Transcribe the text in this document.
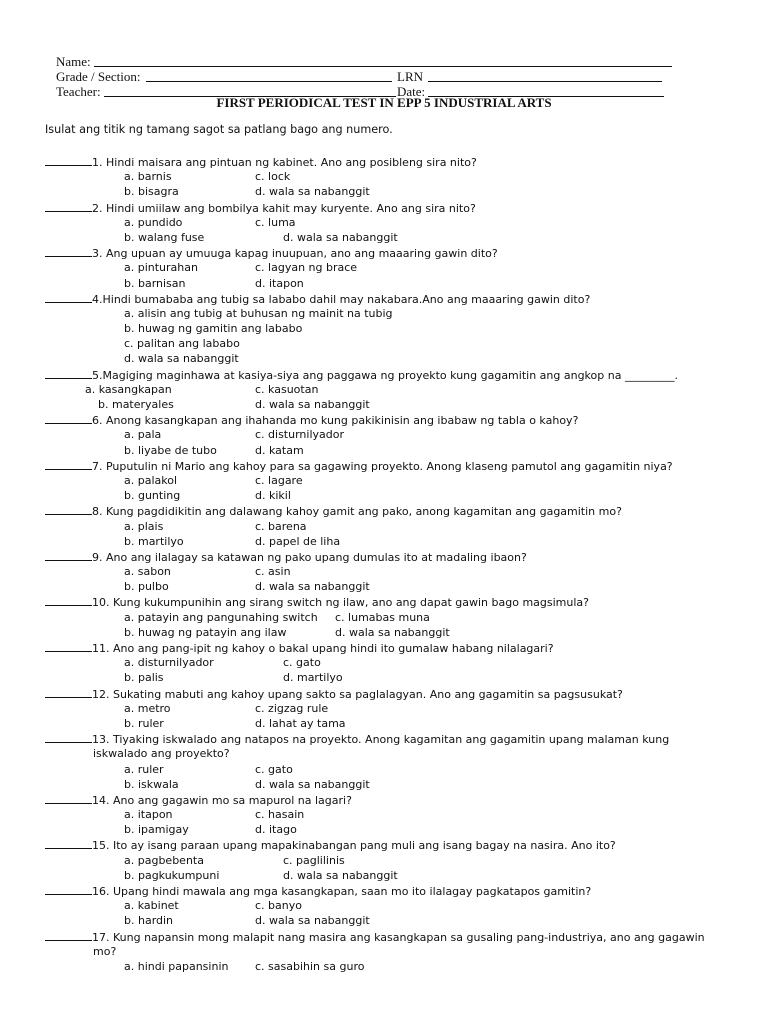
Name:
Grade / Section:	LRN
Teacher:	Date:
FIRST PERIODICAL TEST IN EPP 5 INDUSTRIAL ARTS
Isulat ang titik ng tamang sagot sa patlang bago ang numero.
1. Hindi maisara ang pintuan ng kabinet. Ano ang posibleng sira nito?
a. barnis	c. lock
b. bisagra	d. wala sa nabanggit
2. Hindi umiilaw ang bombilya kahit may kuryente. Ano ang sira nito?
a. pundido	c. luma
b. walang fuse	d. wala sa nabanggit
3. Ang upuan ay umuuga kapag inuupuan, ano ang maaaring gawin dito?
a. pinturahan	c. lagyan ng brace
b. barnisan	d. itapon
4.Hindi bumababa ang tubig sa lababo dahil may nakabara.Ano ang maaaring gawin dito?
a. alisin ang tubig at buhusan ng mainit na tubig
b. huwag ng gamitin ang lababo
c. palitan ang lababo
d. wala sa nabanggit
5.Magiging maginhawa at kasiya-siya ang paggawa ng proyekto kung gagamitin ang angkop na _________.
a. kasangkapan	c. kasuotan
b. materyales	d. wala sa nabanggit
6. Anong kasangkapan ang ihahanda mo kung pakikinisin ang ibabaw ng tabla o kahoy?
a. pala	c. disturnilyador
b. liyabe de tubo	d. katam
7. Puputulin ni Mario ang kahoy para sa gagawing proyekto. Anong klaseng pamutol ang gagamitin niya?
a. palakol	c. lagare
b. gunting	d. kikil
8. Kung pagdidikitin ang dalawang kahoy gamit ang pako, anong kagamitan ang gagamitin mo?
a. plais	c. barena
b. martilyo	d. papel de liha
9. Ano ang ilalagay sa katawan ng pako upang dumulas ito at madaling ibaon?
a. sabon	c. asin
b. pulbo	d. wala sa nabanggit
10. Kung kukumpunihin ang sirang switch ng ilaw, ano ang dapat gawin bago magsimula?
a. patayin ang pangunahing switch c. lumabas muna
b. huwag ng patayin ang ilaw	d. wala sa nabanggit
11. Ano ang pang-ipit ng kahoy o bakal upang hindi ito gumalaw habang nilalagari?
a. disturnilyador	c. gato
b. palis	d. martilyo
12. Sukating mabuti ang kahoy upang sakto sa paglalagyan. Ano ang gagamitin sa pagsusukat?
a. metro	c. zigzag rule
b. ruler	d. lahat ay tama
13. Tiyaking iskwalado ang natapos na proyekto. Anong kagamitan ang gagamitin upang malaman kung
iskwalado ang proyekto?
a. ruler	c. gato
b. iskwala	d. wala sa nabanggit
14. Ano ang gagawin mo sa mapurol na lagari?
a. itapon	c. hasain
b. ipamigay	d. itago
15. Ito ay isang paraan upang mapakinabangan pang muli ang isang bagay na nasira. Ano ito?
a. pagbebenta	c. paglilinis
b. pagkukumpuni	d. wala sa nabanggit
16. Upang hindi mawala ang mga kasangkapan, saan mo ito ilalagay pagkatapos gamitin?
a. kabinet	c. banyo
b. hardin	d. wala sa nabanggit
17. Kung napansin mong malapit nang masira ang kasangkapan sa gusaling pang-industriya, ano ang gagawin
mo?
a. hindi papansinin c. sasabihin sa guro
